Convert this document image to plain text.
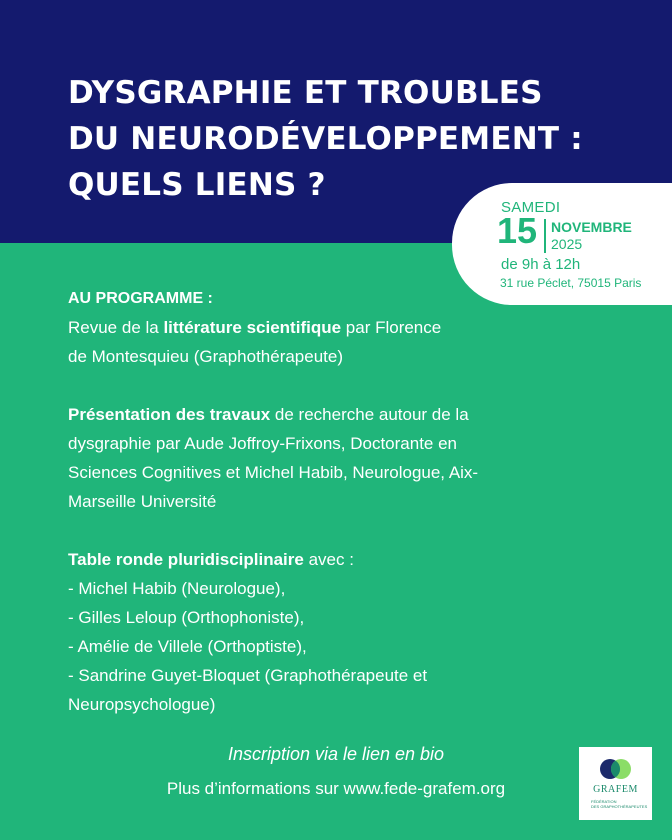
DYSGRAPHIE ET TROUBLES
DU NEURODÉVELOPPEMENT :
QUELS LIENS ?
SAMEDI
15 NOVEMBRE
2025
de 9h à 12h
31 rue Péclet, 75015 Paris

AU PROGRAMME :

Revue de la littérature scientifique par Florence

de Montesquieu (Graphothérapeute)

Présentation des travaux de recherche autour de la

dysgraphie par Aude Joffroy-Frixons, Doctorante en

Sciences Cognitives et Michel Habib, Neurologue, Aix-

Marseille Université

Table ronde pluridisciplinaire avec :

- Michel Habib (Neurologue),

- Gilles Leloup (Orthophoniste),

- Amélie de Villele (Orthoptiste),

- Sandrine Guyet-Bloquet (Graphothérapeute et

Neuropsychologue)

Inscription via le lien en bio
Plus d’informations sur www.fede-grafem.org	GRAFEM
FÉDÉRATION
DES GRAPHOTHÉRAPEUTES
